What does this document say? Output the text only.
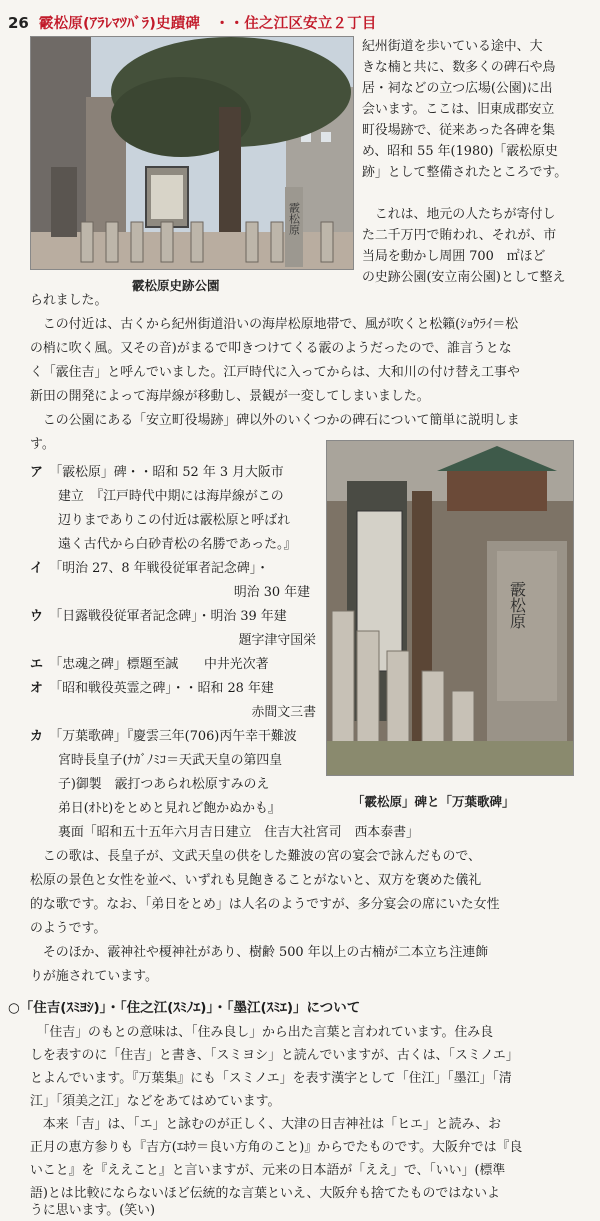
26 霰松原(ｱﾗﾚﾏﾂﾊﾞﾗ)史蹟碑　・・住之江区安立２丁目
霰松原
霰松原史跡公園
紀州街道を歩いている途中、大
きな楠と共に、数多くの碑石や鳥
居・祠などの立つ広場(公園)に出
会います。ここは、旧東成郡安立
町役場跡で、従来あった各碑を集
め、昭和 55 年(1980)「霰松原史
跡」として整備されたところです。
　これは、地元の人たちが寄付し
た二千万円で賄われ、それが、市
当局を動かし周囲 700　㎡ほど
の史跡公園(安立南公園)として整え
られました。
　この付近は、古くから紀州街道沿いの海岸松原地帯で、風が吹くと松籟(ｼｮｳﾗｲ＝松
の梢に吹く風。又その音)がまるで叩きつけてくる霰のようだったので、誰言うとな
く「霰住吉」と呼んでいました。江戸時代に入ってからは、大和川の付け替え工事や
新田の開発によって海岸線が移動し、景観が一変してしまいました。
　この公園にある「安立町役場跡」碑以外のいくつかの碑石について簡単に説明しま
す。
霰松原
「霰松原」碑と「万葉歌碑」
ア　 「霰松原」碑・・昭和 52 年 3 月大阪市
建立　『江戸時代中期には海岸線がこの
辺りまでありこの付近は霰松原と呼ばれ
遠く古代から白砂青松の名勝であった。』
イ　 「明治 27、8 年戦役従軍者記念碑」・
明治 30 年建
ウ　 「日露戦役従軍者記念碑」・明治 39 年建
題字津守国栄
エ　 「忠魂之碑」標題至誠　　中井光次著
オ　 「昭和戦役英霊之碑」・・昭和 28 年建
赤間文三書
カ　 「万葉歌碑」『慶雲三年(706)丙午幸干難波
宮時長皇子(ﾅｶﾞﾉﾐｺ＝天武天皇の第四皇
子)御製　霰打つあられ松原すみのえ
弟日(ｵﾄﾋ)をとめと見れど飽かぬかも』
裏面「昭和五十五年六月吉日建立　住吉大社宮司　西本泰書」
　この歌は、長皇子が、文武天皇の供をした難波の宮の宴会で詠んだもので、
松原の景色と女性を並べ、いずれも見飽きることがないと、双方を褒めた儀礼
的な歌です。なお、「弟日をとめ」は人名のようですが、多分宴会の席にいた女性
のようです。
　そのほか、霰神社や榎神社があり、樹齢 500 年以上の古楠が二本立ち注連飾
りが施されています。
○「住吉(ｽﾐﾖｼ)」・「住之江(ｽﾐﾉｴ)」・「墨江(ｽﾐｴ)」について
　「住吉」のもとの意味は、「住み良し」から出た言葉と言われています。住み良
しを表すのに「住吉」と書き、「スミヨシ」と読んでいますが、古くは、「スミノエ」
とよんでいます。『万葉集』にも「スミノエ」を表す漢字として「住江」「墨江」「清
江」「須美之江」などをあてはめています。
　本来「吉」は、「エ」と詠むのが正しく、大津の日吉神社は「ヒエ」と読み、お
正月の恵方参りも『吉方(ｴﾎｳ＝良い方角のこと)』からでたものです。大阪弁では『良
いこと』を『ええこと』と言いますが、元来の日本語が「ええ」で、「いい」(標準
語)とは比較にならないほど伝統的な言葉といえ、大阪弁も捨てたものではないよ
うに思います。(笑い)
